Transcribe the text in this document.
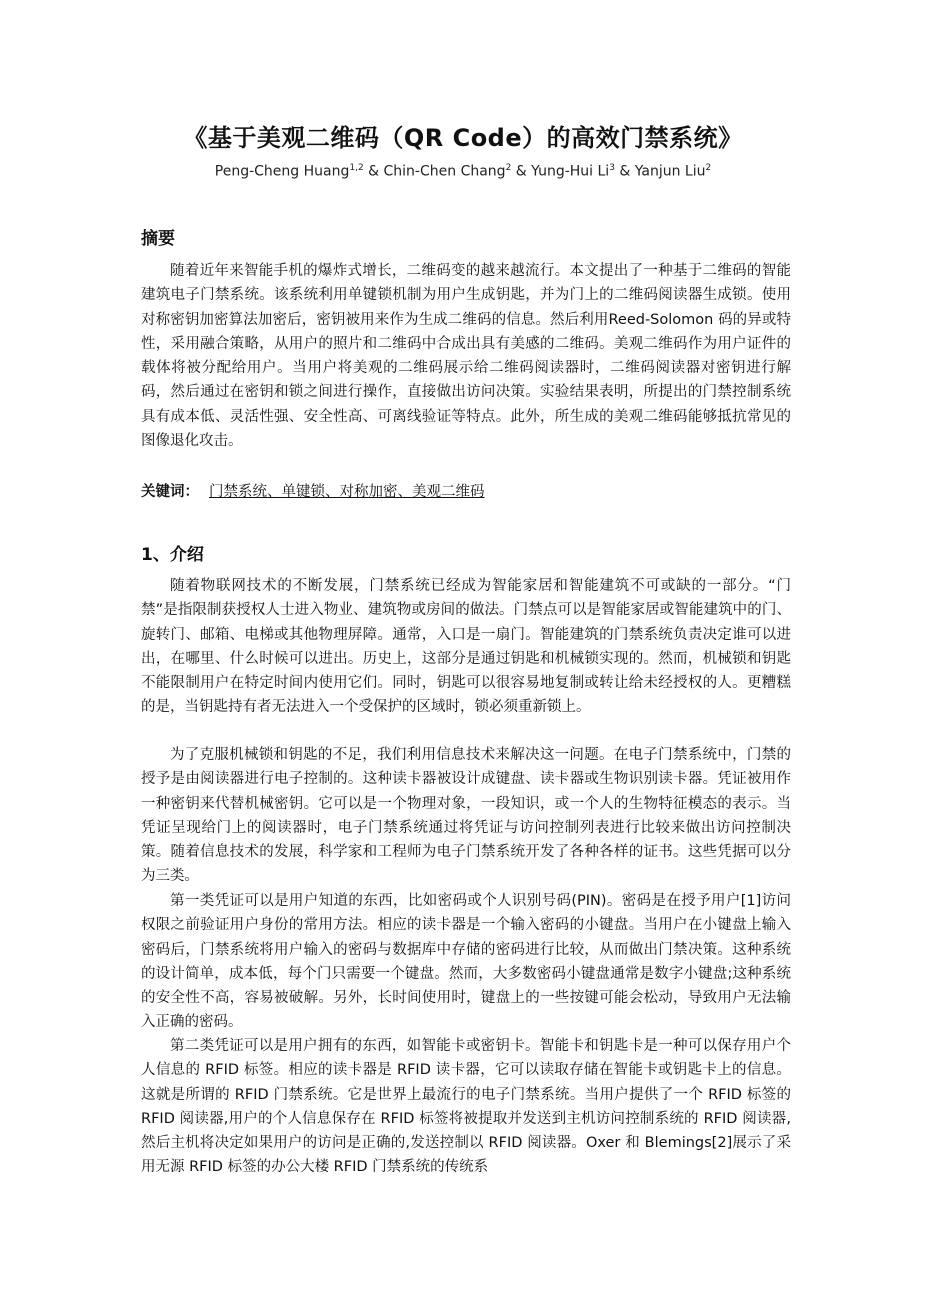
《基于美观二维码（QR Code）的高效门禁系统》
Peng-Cheng Huang$^{1,2}$ & Chin-Chen Chang$^2$ & Yung-Hui Li$^3$ & Yanjun Liu$^2$
摘要

随着近年来智能手机的爆炸式增长，二维码变的越来越流行。本文提出了一种基于二维码的智能建筑电子门禁系统。该系统利用单键锁机制为用户生成钥匙，并为门上的二维码阅读器生成锁。使用对称密钥加密算法加密后，密钥被用来作为生成二维码的信息。然后利用Reed-Solomon 码的异或特性，采用融合策略，从用户的照片和二维码中合成出具有美感的二维码。美观二维码作为用户证件的载体将被分配给用户。当用户将美观的二维码展示给二维码阅读器时，二维码阅读器对密钥进行解码，然后通过在密钥和锁之间进行操作，直接做出访问决策。实验结果表明，所提出的门禁控制系统具有成本低、灵活性强、安全性高、可离线验证等特点。此外，所生成的美观二维码能够抵抗常见的图像退化攻击。

关键词： 门禁系统、单键锁、对称加密、美观二维码
1、介绍

随着物联网技术的不断发展，门禁系统已经成为智能家居和智能建筑不可或缺的一部分。“门禁”是指限制获授权人士进入物业、建筑物或房间的做法。门禁点可以是智能家居或智能建筑中的门、旋转门、邮箱、电梯或其他物理屏障。通常，入口是一扇门。智能建筑的门禁系统负责决定谁可以进出，在哪里、什么时候可以进出。历史上，这部分是通过钥匙和机械锁实现的。然而，机械锁和钥匙不能限制用户在特定时间内使用它们。同时，钥匙可以很容易地复制或转让给未经授权的人。更糟糕的是，当钥匙持有者无法进入一个受保护的区域时，锁必须重新锁上。

为了克服机械锁和钥匙的不足，我们利用信息技术来解决这一问题。在电子门禁系统中，门禁的授予是由阅读器进行电子控制的。这种读卡器被设计成键盘、读卡器或生物识别读卡器。凭证被用作一种密钥来代替机械密钥。它可以是一个物理对象，一段知识，或一个人的生物特征模态的表示。当凭证呈现给门上的阅读器时，电子门禁系统通过将凭证与访问控制列表进行比较来做出访问控制决策。随着信息技术的发展，科学家和工程师为电子门禁系统开发了各种各样的证书。这些凭据可以分为三类。

第一类凭证可以是用户知道的东西，比如密码或个人识别号码(PIN)。密码是在授予用户[1]访问权限之前验证用户身份的常用方法。相应的读卡器是一个输入密码的小键盘。当用户在小键盘上输入密码后，门禁系统将用户输入的密码与数据库中存储的密码进行比较，从而做出门禁决策。这种系统的设计简单，成本低，每个门只需要一个键盘。然而，大多数密码小键盘通常是数字小键盘;这种系统的安全性不高，容易被破解。另外，长时间使用时，键盘上的一些按键可能会松动，导致用户无法输入正确的密码。

第二类凭证可以是用户拥有的东西，如智能卡或密钥卡。智能卡和钥匙卡是一种可以保存用户个人信息的 RFID 标签。相应的读卡器是 RFID 读卡器，它可以读取存储在智能卡或钥匙卡上的信息。这就是所谓的 RFID 门禁系统。它是世界上最流行的电子门禁系统。当用户提供了一个 RFID 标签的 RFID 阅读器,用户的个人信息保存在 RFID 标签将被提取并发送到主机访问控制系统的 RFID 阅读器,然后主机将决定如果用户的访问是正确的,发送控制以 RFID 阅读器。Oxer 和 Blemings[2]展示了采用无源 RFID 标签的办公大楼 RFID 门禁系统的传统系
